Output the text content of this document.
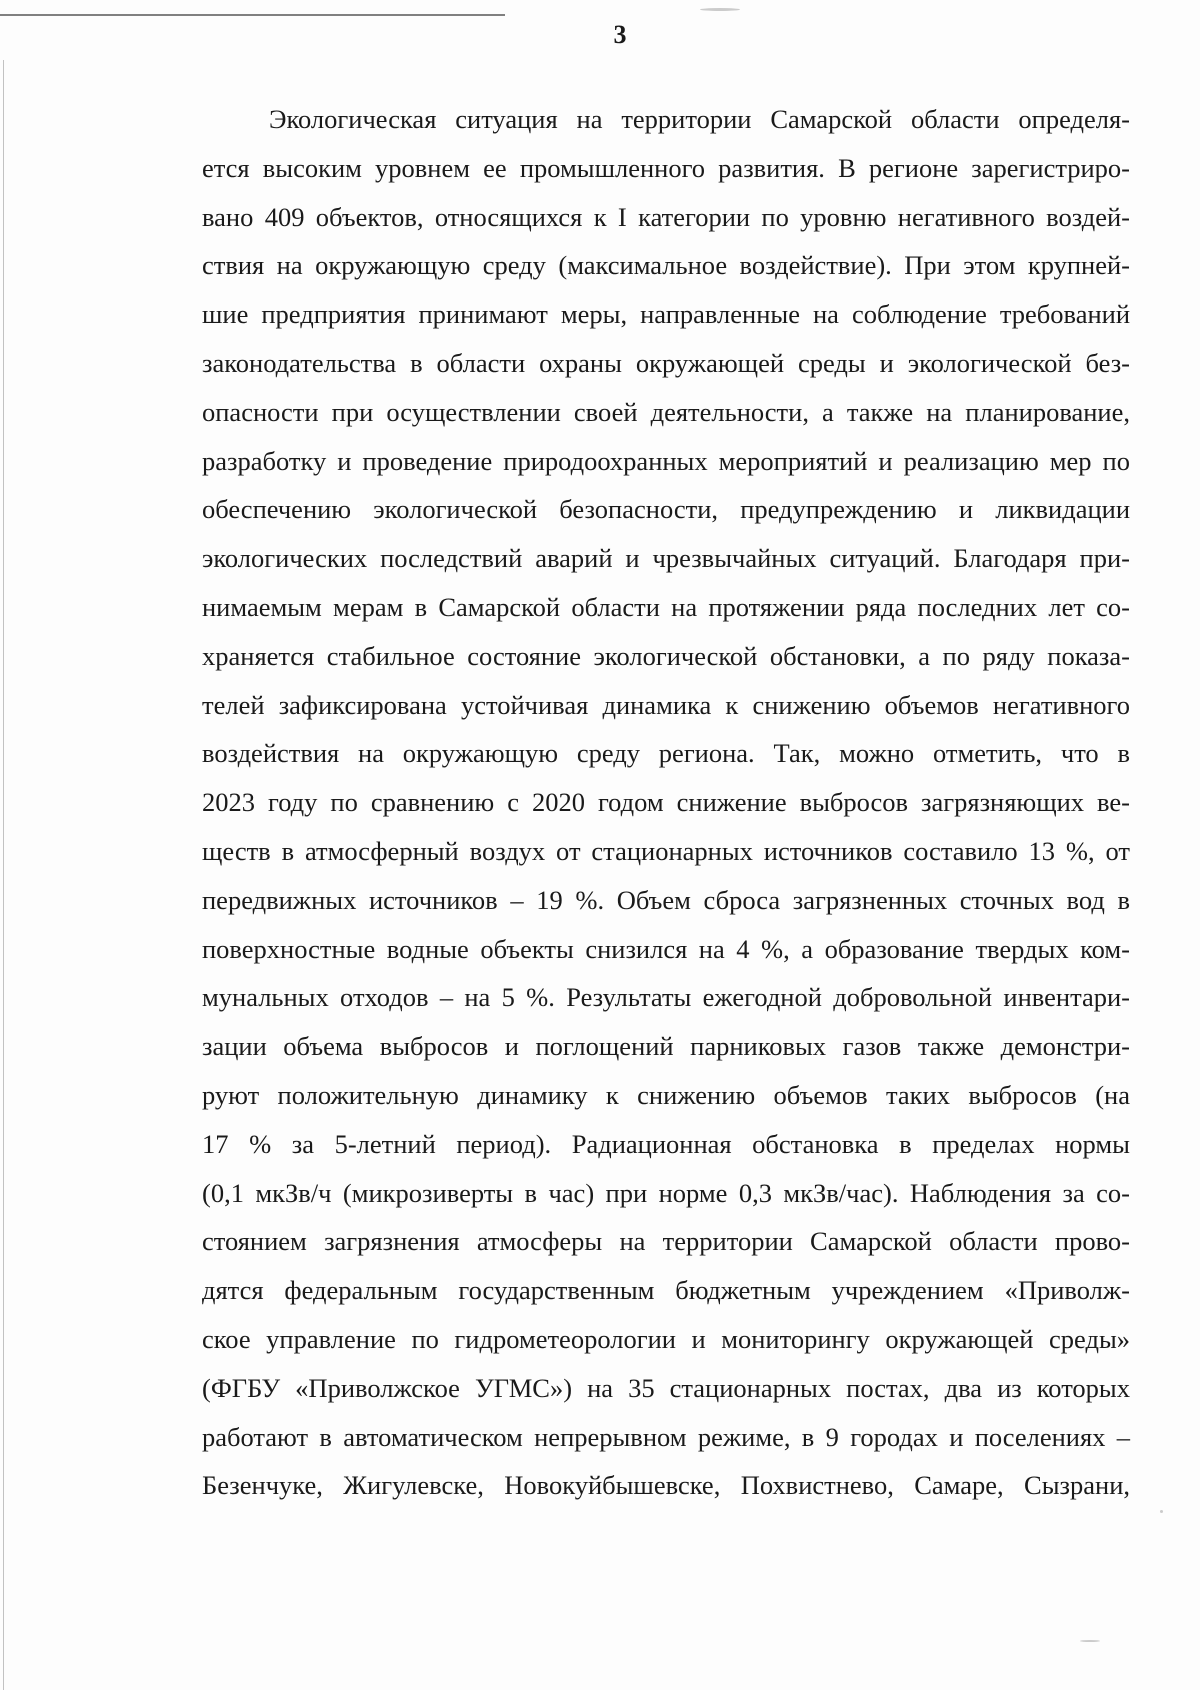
3
Экологическая ситуация на территории Самарской области определя-
ется высоким уровнем ее промышленного развития. В регионе зарегистриро-
вано 409 объектов, относящихся к I категории по уровню негативного воздей-
ствия на окружающую среду (максимальное воздействие). При этом крупней-
шие предприятия принимают меры, направленные на соблюдение требований
законодательства в области охраны окружающей среды и экологической без-
опасности при осуществлении своей деятельности, а также на планирование,
разработку и проведение природоохранных мероприятий и реализацию мер по
обеспечению экологической безопасности, предупреждению и ликвидации
экологических последствий аварий и чрезвычайных ситуаций. Благодаря при-
нимаемым мерам в Самарской области на протяжении ряда последних лет со-
храняется стабильное состояние экологической обстановки, а по ряду показа-
телей зафиксирована устойчивая динамика к снижению объемов негативного
воздействия на окружающую среду региона. Так, можно отметить, что в
2023 году по сравнению с 2020 годом снижение выбросов загрязняющих ве-
ществ в атмосферный воздух от стационарных источников составило 13 %, от
передвижных источников – 19 %. Объем сброса загрязненных сточных вод в
поверхностные водные объекты снизился на 4 %, а образование твердых ком-
мунальных отходов – на 5 %. Результаты ежегодной добровольной инвентари-
зации объема выбросов и поглощений парниковых газов также демонстри-
руют положительную динамику к снижению объемов таких выбросов (на
17 % за 5-летний период). Радиационная обстановка в пределах нормы
(0,1 мкЗв/ч (микрозиверты в час) при норме 0,3 мкЗв/час). Наблюдения за со-
стоянием загрязнения атмосферы на территории Самарской области прово-
дятся федеральным государственным бюджетным учреждением «Приволж-
ское управление по гидрометеорологии и мониторингу окружающей среды»
(ФГБУ «Приволжское УГМС») на 35 стационарных постах, два из которых
работают в автоматическом непрерывном режиме, в 9 городах и поселениях –
Безенчуке, Жигулевске, Новокуйбышевске, Похвистнево, Самаре, Сызрани,
